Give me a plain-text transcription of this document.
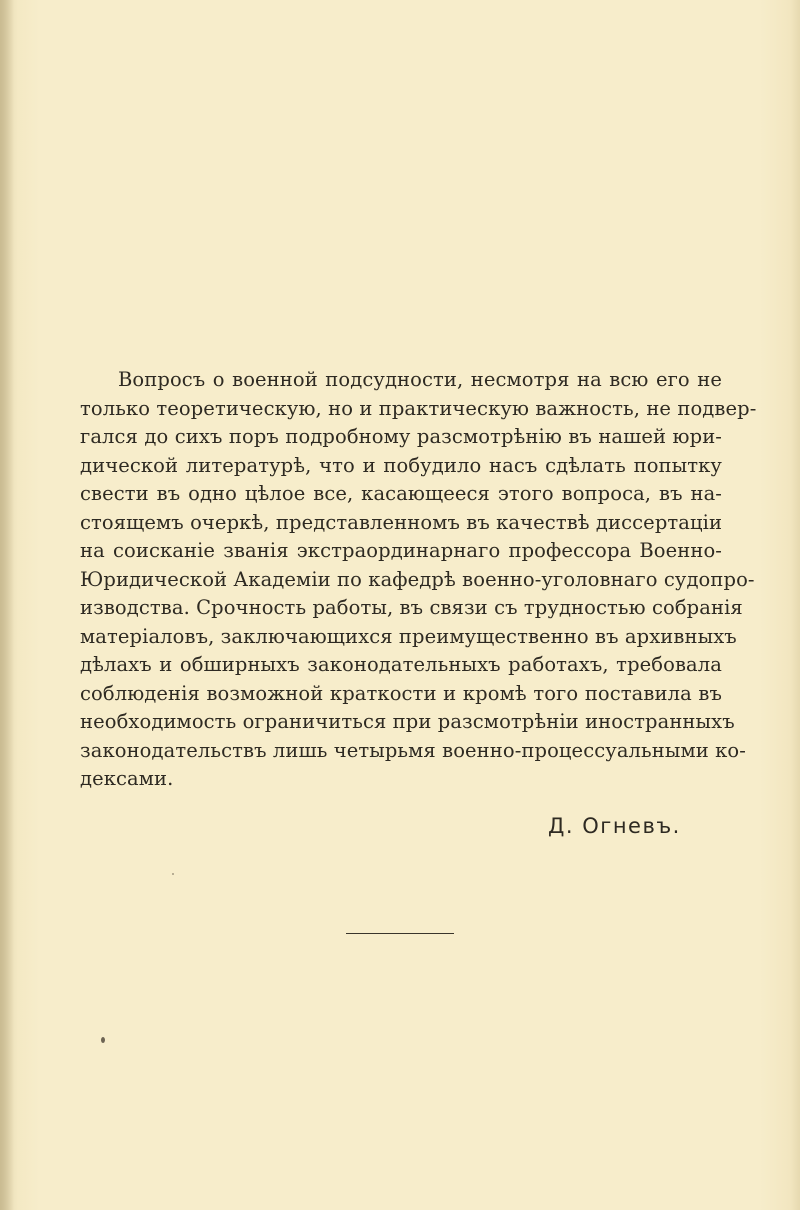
Вопросъ о военной подсудности, несмотря на всю его не
только теоретическую, но и практическую важность, не подвер-
гался до сихъ поръ подробному разсмотрѣнію въ нашей юри-
дической литературѣ, что и побудило насъ сдѣлать попытку
свести въ одно цѣлое все, касающееся этого вопроса, въ на-
стоящемъ очеркѣ, представленномъ въ качествѣ диссертаціи
на соисканіе званія экстраординарнаго профессора Военно-
Юридической Академіи по кафедрѣ военно-уголовнаго судопро-
изводства. Срочность работы, въ связи съ трудностью собранія
матеріаловъ, заключающихся преимущественно въ архивныхъ
дѣлахъ и обширныхъ законодательныхъ работахъ, требовала
соблюденія возможной краткости и кромѣ того поставила въ
необходимость ограничиться при разсмотрѣніи иностранныхъ
законодательствъ лишь четырьмя военно-процессуальными ко-
дексами.
Д. Огневъ.
